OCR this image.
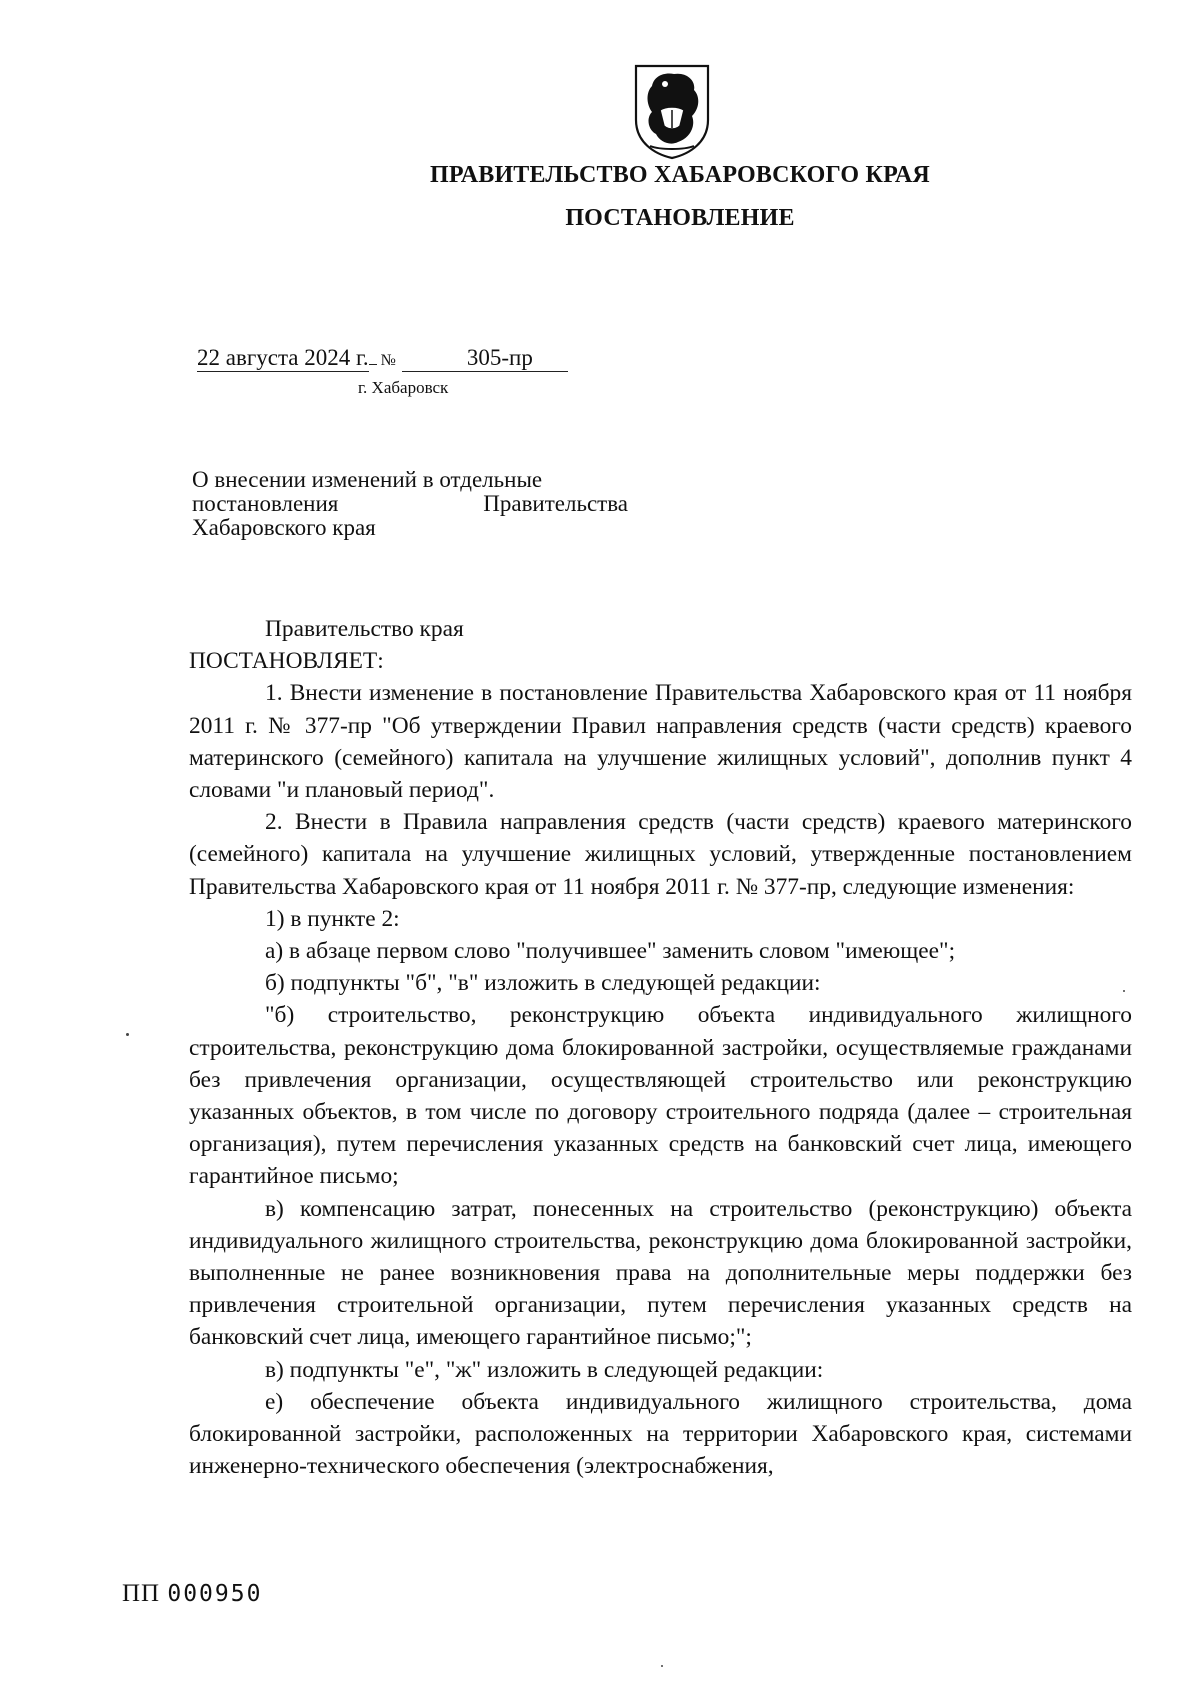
ПРАВИТЕЛЬСТВО ХАБАРОВСКОГО КРАЯ
ПОСТАНОВЛЕНИЕ
22 августа 2024 г. №	305-пр
г. Хабаровск
О внесении изменений в отдельные
постановления	Правительства
Хабаровского края
Правительство края
ПОСТАНОВЛЯЕТ:
1. Внести изменение в постановление Правительства Хабаровского края от 11 ноября 2011 г. № 377-пр "Об утверждении Правил направления средств (части средств) краевого материнского (семейного) капитала на улучшение жилищных условий", дополнив пункт 4 словами "и плановый период".
2. Внести в Правила направления средств (части средств) краевого материнского (семейного) капитала на улучшение жилищных условий, утвержденные постановлением Правительства Хабаровского края от 11 ноября 2011 г. № 377-пр, следующие изменения:
1) в пункте 2:
а) в абзаце первом слово "получившее" заменить словом "имеющее";
б) подпункты "б", "в" изложить в следующей редакции:
"б) строительство, реконструкцию объекта индивидуального жилищного строительства, реконструкцию дома блокированной застройки, осуществляемые гражданами без привлечения организации, осуществляющей строительство или реконструкцию указанных объектов, в том числе по договору строительного подряда (далее – строительная организация), путем перечисления указанных средств на банковский счет лица, имеющего гарантийное письмо;
в) компенсацию затрат, понесенных на строительство (реконструкцию) объекта индивидуального жилищного строительства, реконструкцию дома блокированной застройки, выполненные не ранее возникновения права на дополнительные меры поддержки без привлечения строительной организации, путем перечисления указанных средств на банковский счет лица, имеющего гарантийное письмо;";
в) подпункты "е", "ж" изложить в следующей редакции:
е) обеспечение объекта индивидуального жилищного строительства, дома блокированной застройки, расположенных на территории Хабаровского края, системами инженерно-технического обеспечения (электроснабжения,
ПП 000950
